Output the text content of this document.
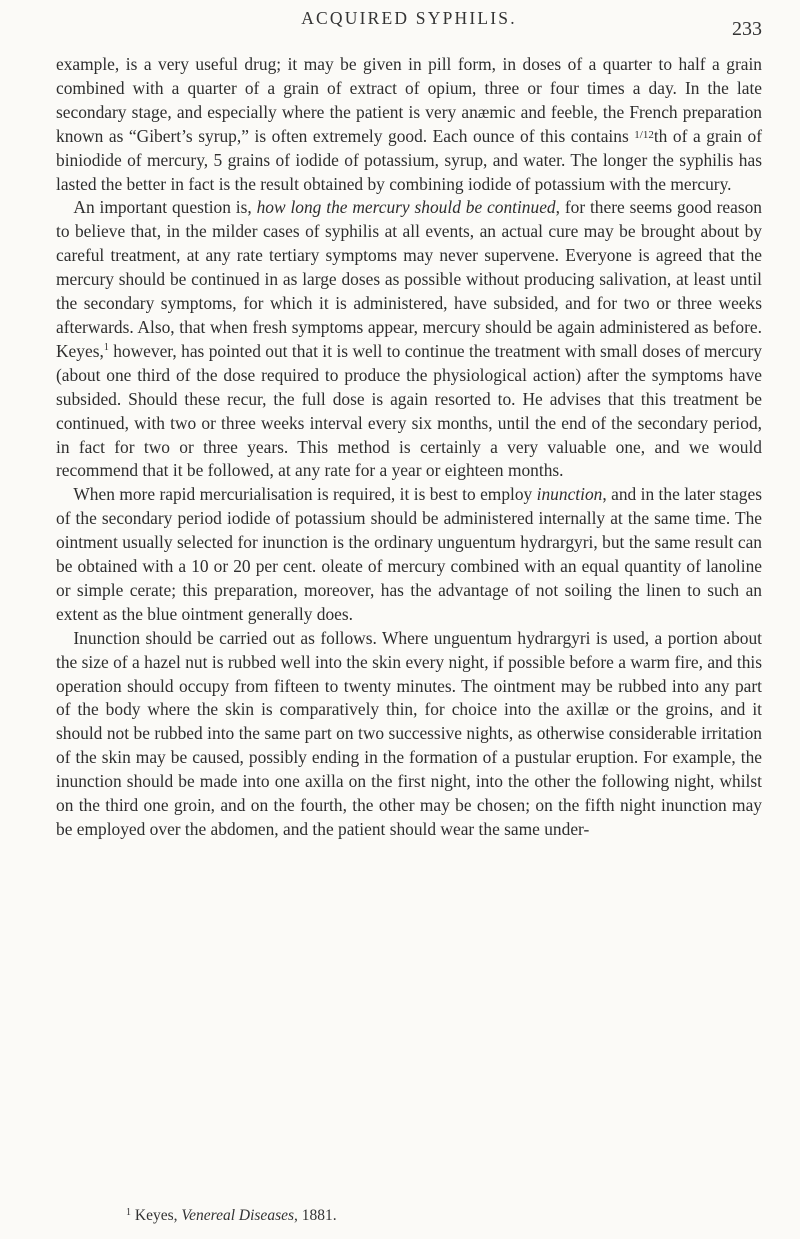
ACQUIRED SYPHILIS.	233

example, is a very useful drug; it may be given in pill form, in doses of a quarter to half a grain combined with a quarter of a grain of extract of opium, three or four times a day. In the late secondary stage, and especially where the patient is very anæmic and feeble, the French preparation known as “Gibert’s syrup,” is often extremely good. Each ounce of this contains $^{1/12}$th of a grain of biniodide of mercury, 5 grains of iodide of potassium, syrup, and water. The longer the syphilis has lasted the better in fact is the result obtained by combining iodide of potassium with the mercury.

 An important question is, how long the mercury should be continued, for there seems good reason to believe that, in the milder cases of syphilis at all events, an actual cure may be brought about by careful treatment, at any rate tertiary symptoms may never supervene. Everyone is agreed that the mercury should be continued in as large doses as possible without producing salivation, at least until the secondary symptoms, for which it is administered, have subsided, and for two or three weeks afterwards. Also, that when fresh symptoms appear, mercury should be again administered as before. Keyes,$^1$ however, has pointed out that it is well to continue the treatment with small doses of mercury (about one third of the dose required to produce the physiological action) after the symptoms have subsided. Should these recur, the full dose is again resorted to. He advises that this treatment be continued, with two or three weeks interval every six months, until the end of the secondary period, in fact for two or three years. This method is certainly a very valuable one, and we would recommend that it be followed, at any rate for a year or eighteen months.

 When more rapid mercurialisation is required, it is best to employ inunction, and in the later stages of the secondary period iodide of potassium should be administered internally at the same time. The ointment usually selected for inunction is the ordinary unguentum hydrargyri, but the same result can be obtained with a 10 or 20 per cent. oleate of mercury combined with an equal quantity of lanoline or simple cerate; this preparation, moreover, has the advantage of not soiling the linen to such an extent as the blue ointment generally does.

 Inunction should be carried out as follows. Where unguentum hydrargyri is used, a portion about the size of a hazel nut is rubbed well into the skin every night, if possible before a warm fire, and this operation should occupy from fifteen to twenty minutes. The ointment may be rubbed into any part of the body where the skin is comparatively thin, for choice into the axillæ or the groins, and it should not be rubbed into the same part on two successive nights, as otherwise considerable irritation of the skin may be caused, possibly ending in the formation of a pustular eruption. For example, the inunction should be made into one axilla on the first night, into the other the following night, whilst on the third one groin, and on the fourth, the other may be chosen; on the fifth night inunction may be employed over the abdomen, and the patient should wear the same under-

$^1$ Keyes, Venereal Diseases, 1881.
